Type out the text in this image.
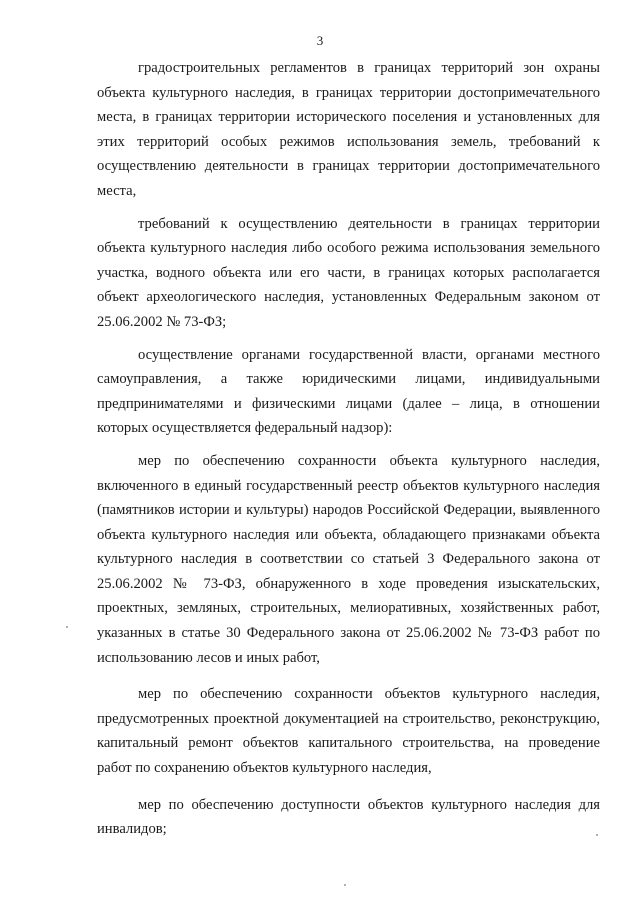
3

градостроительных регламентов в границах территорий зон охраны объекта культурного наследия, в границах территории достопримечательного места, в границах территории исторического поселения и установленных для этих территорий особых режимов использования земель, требований к осуществлению деятельности в границах территории достопримечательного места,

требований к осуществлению деятельности в границах территории объекта культурного наследия либо особого режима использования земельного участка, водного объекта или его части, в границах которых располагается объект археологического наследия, установленных Федеральным законом от 25.06.2002 № 73-ФЗ;

осуществление органами государственной власти, органами местного самоуправления, а также юридическими лицами, индивидуальными предпринимателями и физическими лицами (далее – лица, в отношении которых осуществляется федеральный надзор):

мер по обеспечению сохранности объекта культурного наследия, включенного в единый государственный реестр объектов культурного наследия (памятников истории и культуры) народов Российской Федерации, выявленного объекта культурного наследия или объекта, обладающего признаками объекта культурного наследия в соответствии со статьей 3 Федерального закона от 25.06.2002 № 73-ФЗ, обнаруженного в ходе проведения изыскательских, проектных, земляных, строительных, мелиоративных, хозяйственных работ, указанных в статье 30 Федерального закона от 25.06.2002 № 73-ФЗ работ по использованию лесов и иных работ,

мер по обеспечению сохранности объектов культурного наследия, предусмотренных проектной документацией на строительство, реконструкцию, капитальный ремонт объектов капитального строительства, на проведение работ по сохранению объектов культурного наследия,

мер по обеспечению доступности объектов культурного наследия для инвалидов;
